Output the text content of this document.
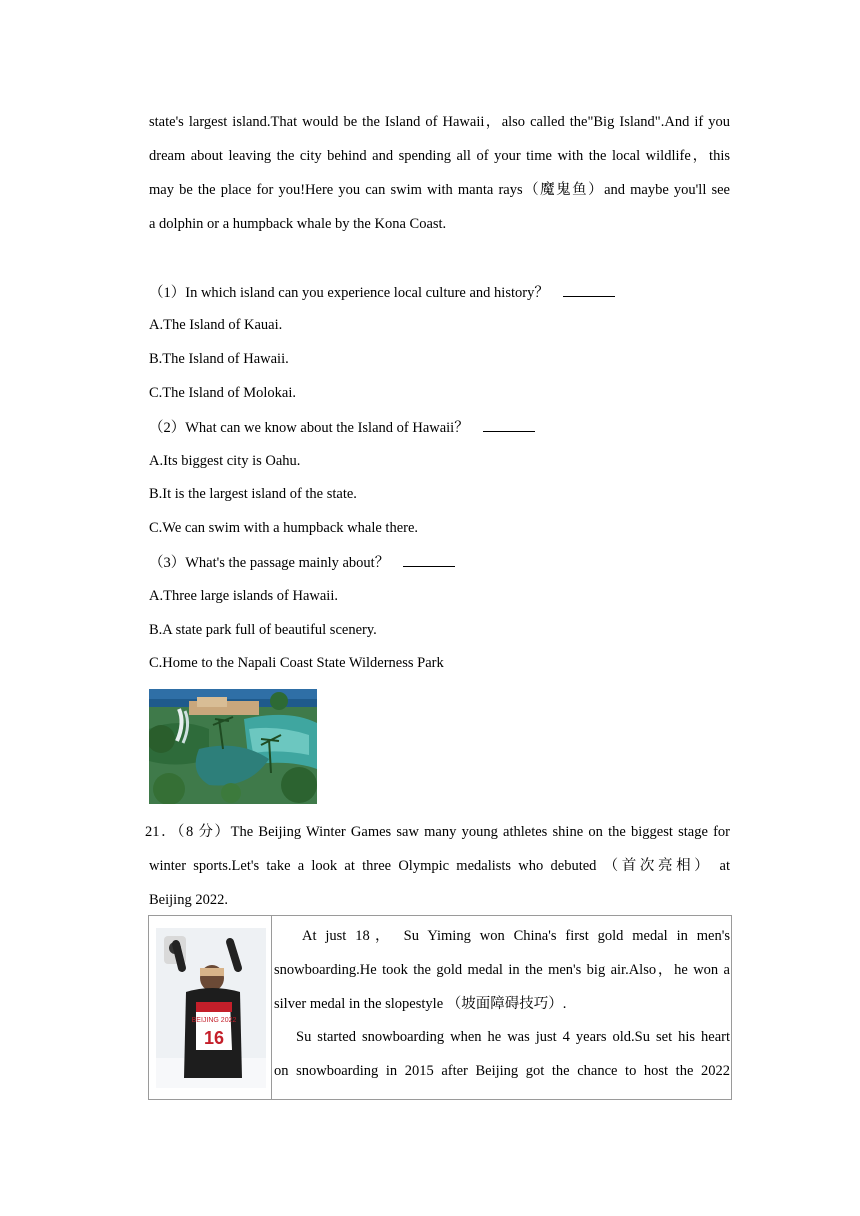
state's largest island.That would be the Island of Hawaii，also called the"Big Island".And if you
dream about leaving the city behind and spending all of your time with the local wildlife，this
may be the place for you!Here you can swim with manta rays（魔鬼鱼）and maybe you'll see
a dolphin or a humpback whale by the Kona Coast.
（1）In which island can you experience local culture and history？
A.The Island of Kauai.
B.The Island of Hawaii.
C.The Island of Molokai.
（2）What can we know about the Island of Hawaii？
A.Its biggest city is Oahu.
B.It is the largest island of the state.
C.We can swim with a humpback whale there.
（3）What's the passage mainly about？
A.Three large islands of Hawaii.
B.A state park full of beautiful scenery.
C.Home to the Napali Coast State Wilderness Park
21．（8 分）The Beijing Winter Games saw many young athletes shine on the biggest stage for
winter sports.Let's take a look at three Olympic medalists who debuted （首次亮相） at
Beijing 2022.
BEIJING 2022
16
At just 18， Su Yiming won China's first gold medal in men's
snowboarding.He took the gold medal in the men's big air.Also，he won a
silver medal in the slopestyle （坡面障碍技巧）.
Su started snowboarding when he was just 4 years old.Su set his heart
on snowboarding in 2015 after Beijing got the chance to host the 2022
